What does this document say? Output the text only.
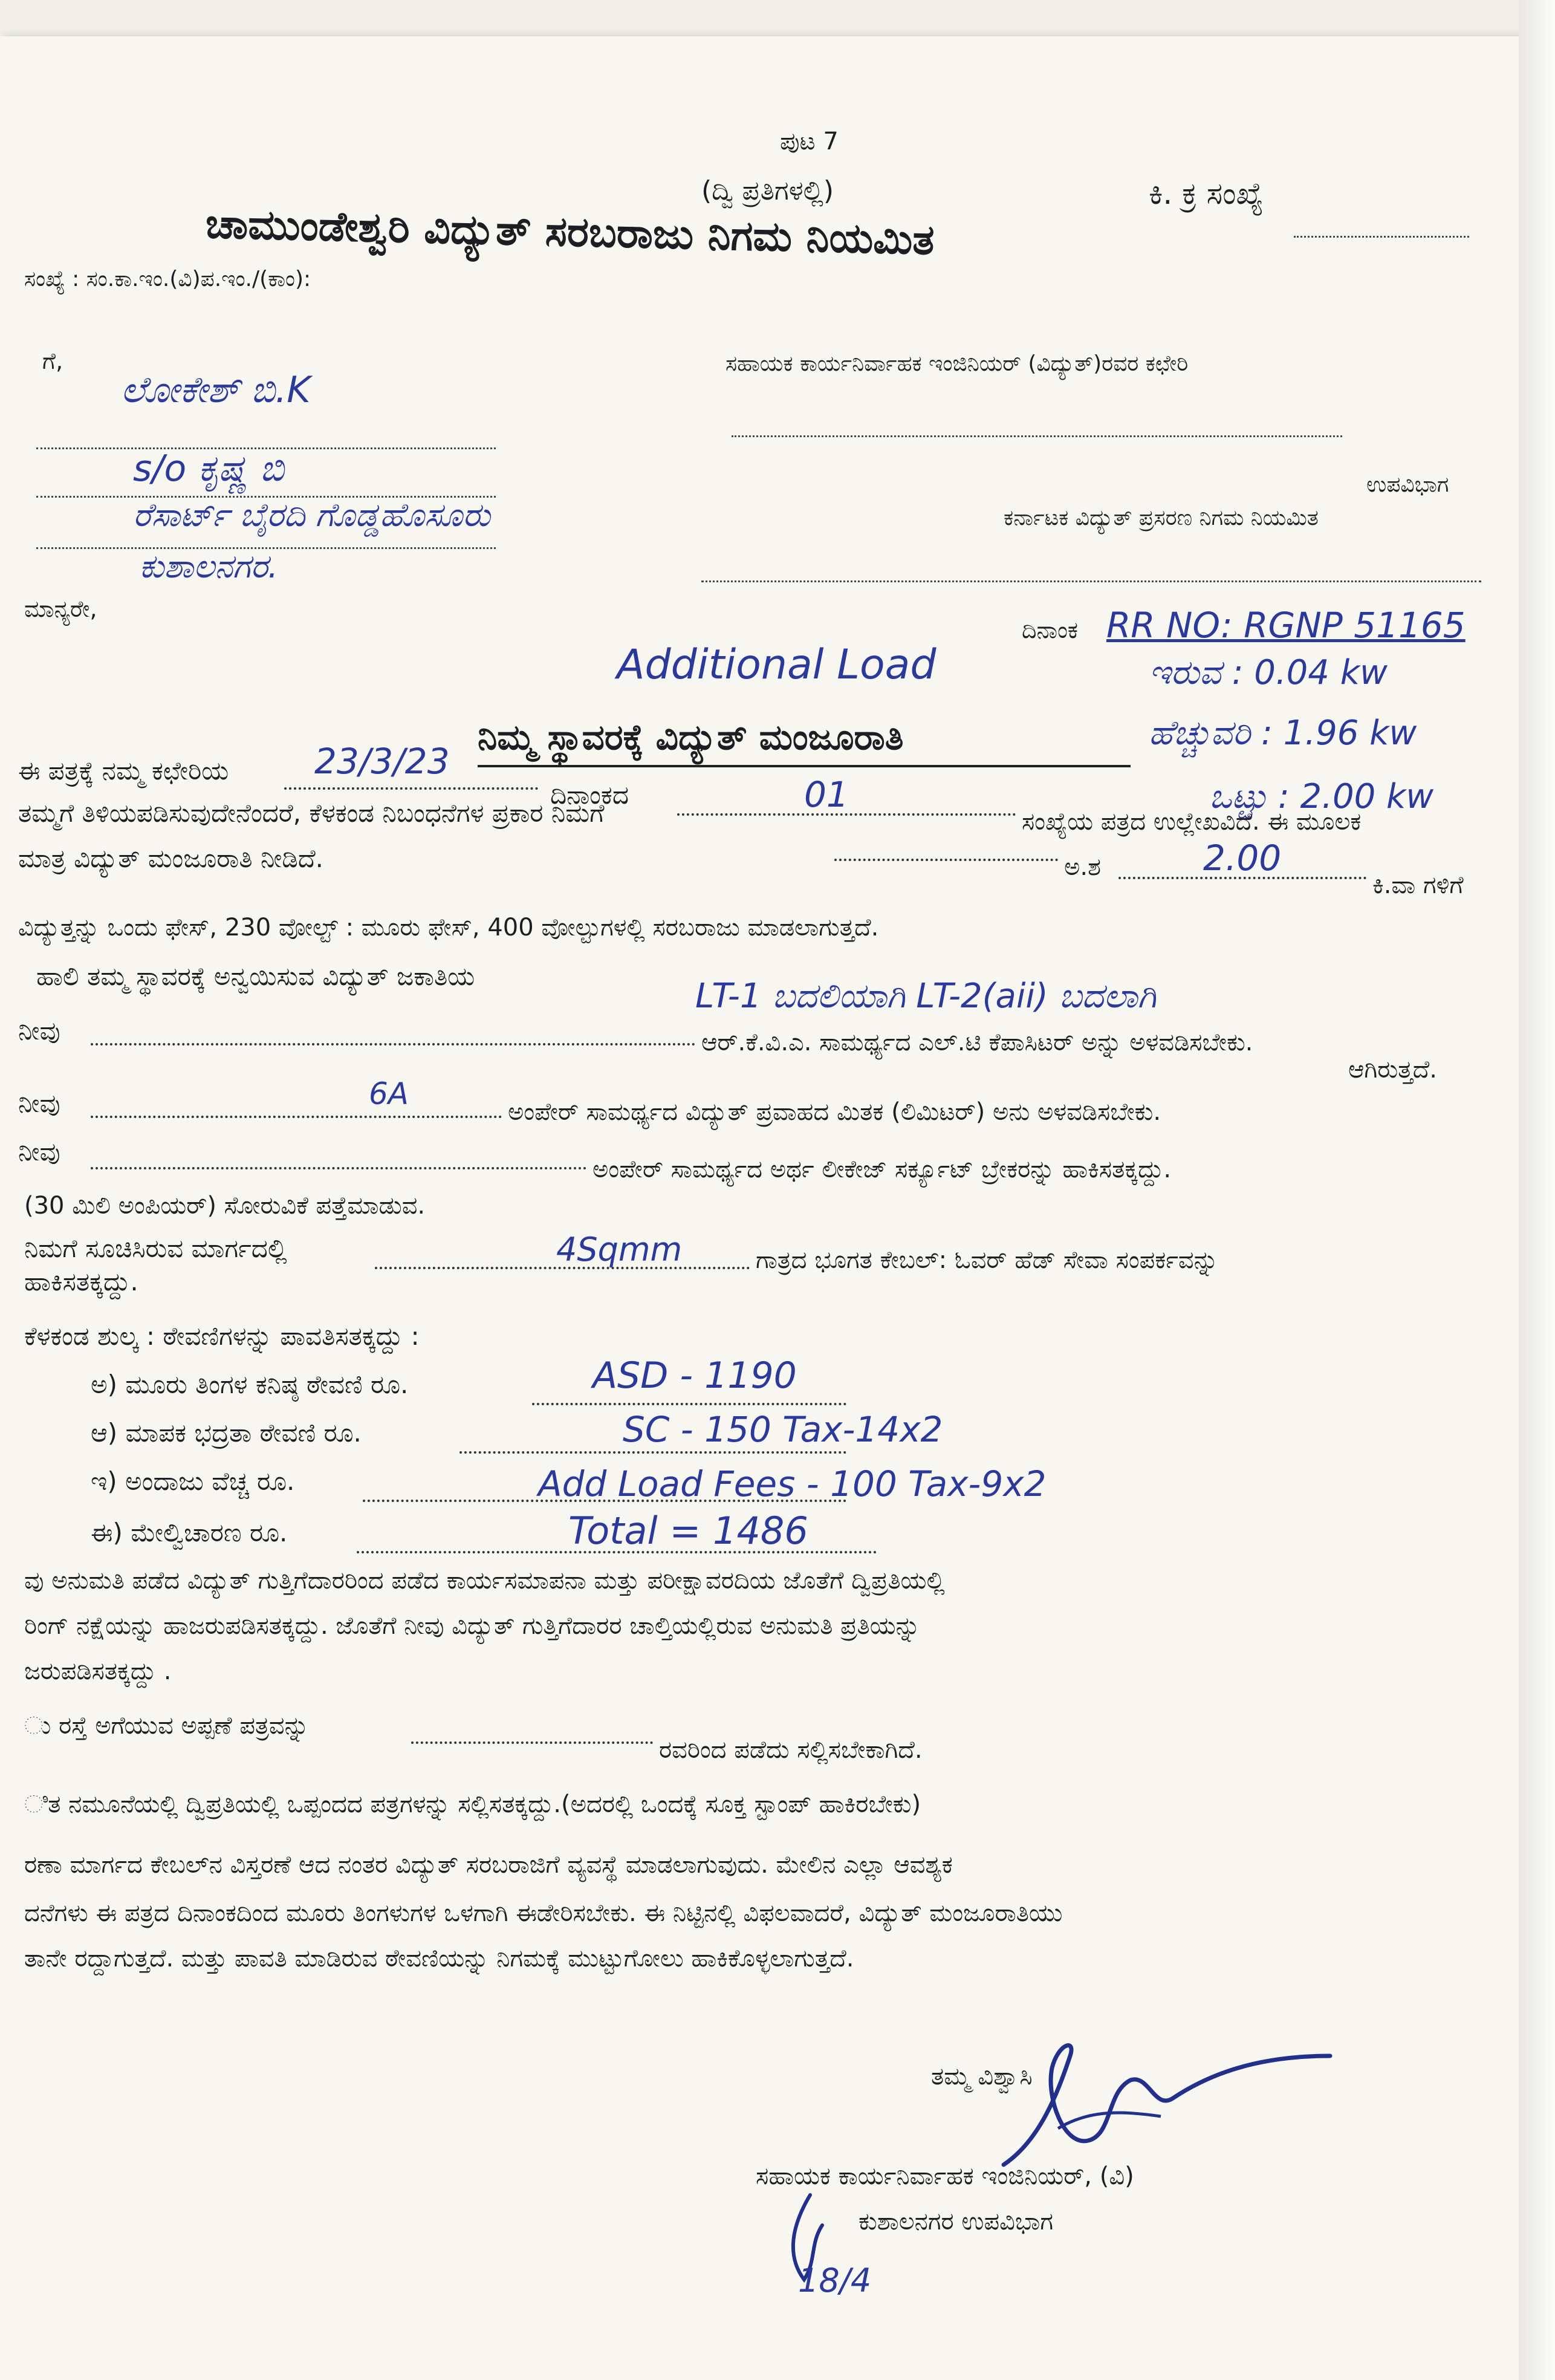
ಪುಟ 7
(ದ್ವಿ ಪ್ರತಿಗಳಲ್ಲಿ)	ಕಿ. ಕ್ರ ಸಂಖ್ಯೆ
ಚಾಮುಂಡೇಶ್ವರಿ ವಿದ್ಯುತ್ ಸರಬರಾಜು ನಿಗಮ ನಿಯಮಿತ
ಸಂಖ್ಯೆ : ಸಂ.ಕಾ.ಇಂ.(ವಿ)ಪ.ಇಂ./(ಕಾಂ):
ಗೆ,	ಸಹಾಯಕ ಕಾರ್ಯನಿರ್ವಾಹಕ ಇಂಜಿನಿಯರ್ (ವಿದ್ಯುತ್)ರವರ ಕಛೇರಿ
ಉಪವಿಭಾಗ
ಕರ್ನಾಟಕ ವಿದ್ಯುತ್ ಪ್ರಸರಣ ನಿಗಮ ನಿಯಮಿತ
ಲೋಕೇಶ್ ಬಿ.K
s/o ಕೃಷ್ಣ ಬಿ
ರೆಸಾರ್ಟ್ ಬೈರದಿ ಗೊಡ್ಡಹೊಸೂರು
ಕುಶಾಲನಗರ.
ಮಾನ್ಯರೇ,
ದಿನಾಂಕ RR NO: RGNP 51165
ಇರುವ : 0.04 kw
ಹೆಚ್ಚುವರಿ : 1.96 kw
ಒಟ್ಟು : 2.00 kw
Additional Load
ನಿಮ್ಮ ಸ್ಥಾವರಕ್ಕೆ ವಿದ್ಯುತ್ ಮಂಜೂರಾತಿ
ಈ ಪತ್ರಕ್ಕೆ ನಮ್ಮ ಕಛೇರಿಯ 23/3/23
ದಿನಾಂಕದ	01
ಸಂಖ್ಯೆಯ ಪತ್ರದ ಉಲ್ಲೇಖವಿದೆ. ಈ ಮೂಲಕ
ತಮ್ಮಗೆ ತಿಳಿಯಪಡಿಸುವುದೇನೆಂದರೆ, ಕೆಳಕಂಡ ನಿಬಂಧನೆಗಳ ಪ್ರಕಾರ ನಿಮಗೆ
ಅ.ಶ	2.00
ಕಿ.ವಾ ಗಳಿಗೆ
ಮಾತ್ರ ವಿದ್ಯುತ್ ಮಂಜೂರಾತಿ ನೀಡಿದೆ.
ವಿದ್ಯುತ್ತನ್ನು ಒಂದು ಫೇಸ್, 230 ವೋಲ್ಟ್ : ಮೂರು ಫೇಸ್, 400 ವೋಲ್ಟುಗಳಲ್ಲಿ ಸರಬರಾಜು ಮಾಡಲಾಗುತ್ತದೆ.
ಹಾಲಿ ತಮ್ಮ ಸ್ಥಾವರಕ್ಕೆ ಅನ್ವಯಿಸುವ ವಿದ್ಯುತ್ ಜಕಾತಿಯ
LT-1 ಬದಲಿಯಾಗಿ LT-2(aii) ಬದಲಾಗಿ
ನೀವು	ಆರ್.ಕೆ.ವಿ.ಎ. ಸಾಮರ್ಥ್ಯದ ಎಲ್.ಟಿ ಕೆಪಾಸಿಟರ್ ಅನ್ನು ಅಳವಡಿಸಬೇಕು.
ಆಗಿರುತ್ತದೆ.
ನೀವು	6A
ಅಂಪೇರ್ ಸಾಮರ್ಥ್ಯದ ವಿದ್ಯುತ್ ಪ್ರವಾಹದ ಮಿತಕ (ಲಿಮಿಟರ್) ಅನು ಅಳವಡಿಸಬೇಕು.
ನೀವು
ಅಂಪೇರ್ ಸಾಮರ್ಥ್ಯದ ಅರ್ಥ ಲೀಕೇಜ್ ಸರ್ಕ್ಯೂಟ್ ಬ್ರೇಕರನ್ನು ಹಾಕಿಸತಕ್ಕದ್ದು.
(30 ಮಿಲಿ ಅಂಪಿಯರ್) ಸೋರುವಿಕೆ ಪತ್ತೆಮಾಡುವ.
ನಿಮಗೆ ಸೂಚಿಸಿರುವ ಮಾರ್ಗದಲ್ಲಿ	4Sqmm	ಗಾತ್ರದ ಭೂಗತ ಕೇಬಲ್: ಓವರ್ ಹೆಡ್ ಸೇವಾ ಸಂಪರ್ಕವನ್ನು
ಹಾಕಿಸತಕ್ಕದ್ದು.
ಕೆಳಕಂಡ ಶುಲ್ಕ : ಠೇವಣಿಗಳನ್ನು ಪಾವತಿಸತಕ್ಕದ್ದು :
ಅ) ಮೂರು ತಿಂಗಳ ಕನಿಷ್ಠ ಠೇವಣಿ ರೂ.	ASD - 1190
ಆ) ಮಾಪಕ ಭದ್ರತಾ ಠೇವಣಿ ರೂ.	SC - 150 Tax-14x2
ಇ) ಅಂದಾಜು ವೆಚ್ಚ ರೂ.	Add Load Fees - 100 Tax-9x2
ಈ) ಮೇಲ್ವಿಚಾರಣ ರೂ.	Total = 1486
ವು ಅನುಮತಿ ಪಡೆದ ವಿದ್ಯುತ್ ಗುತ್ತಿಗೆದಾರರಿಂದ ಪಡೆದ ಕಾರ್ಯಸಮಾಪನಾ ಮತ್ತು ಪರೀಕ್ಷಾವರದಿಯ ಜೊತೆಗೆ ದ್ವಿಪ್ರತಿಯಲ್ಲಿ
ರಿಂಗ್ ನಕ್ಷೆಯನ್ನು ಹಾಜರುಪಡಿಸತಕ್ಕದ್ದು. ಜೊತೆಗೆ ನೀವು ವಿದ್ಯುತ್ ಗುತ್ತಿಗೆದಾರರ ಚಾಲ್ತಿಯಲ್ಲಿರುವ ಅನುಮತಿ ಪ್ರತಿಯನ್ನು
ಜರುಪಡಿಸತಕ್ಕದ್ದು .
ು ರಸ್ತೆ ಅಗೆಯುವ ಅಪ್ಪಣೆ ಪತ್ರವನ್ನು
ರವರಿಂದ ಪಡೆದು ಸಲ್ಲಿಸಬೇಕಾಗಿದೆ.
ಿತ ನಮೂನೆಯಲ್ಲಿ ದ್ವಿಪ್ರತಿಯಲ್ಲಿ ಒಪ್ಪಂದದ ಪತ್ರಗಳನ್ನು ಸಲ್ಲಿಸತಕ್ಕದ್ದು.(ಅದರಲ್ಲಿ ಒಂದಕ್ಕೆ ಸೂಕ್ತ ಸ್ಟಾಂಪ್ ಹಾಕಿರಬೇಕು)
ರಣಾ ಮಾರ್ಗದ ಕೇಬಲ್‌ನ ವಿಸ್ತರಣೆ ಆದ ನಂತರ ವಿದ್ಯುತ್ ಸರಬರಾಜಿಗೆ ವ್ಯವಸ್ಥೆ ಮಾಡಲಾಗುವುದು. ಮೇಲಿನ ಎಲ್ಲಾ ಆವಶ್ಯಕ
ದನೆಗಳು ಈ ಪತ್ರದ ದಿನಾಂಕದಿಂದ ಮೂರು ತಿಂಗಳುಗಳ ಒಳಗಾಗಿ ಈಡೇರಿಸಬೇಕು. ಈ ನಿಟ್ಟಿನಲ್ಲಿ ವಿಫಲವಾದರೆ, ವಿದ್ಯುತ್ ಮಂಜೂರಾತಿಯು
ತಾನೇ ರದ್ದಾಗುತ್ತದೆ. ಮತ್ತು ಪಾವತಿ ಮಾಡಿರುವ ಠೇವಣಿಯನ್ನು ನಿಗಮಕ್ಕೆ ಮುಟ್ಟುಗೋಲು ಹಾಕಿಕೊಳ್ಳಲಾಗುತ್ತದೆ.
ತಮ್ಮ ವಿಶ್ವಾಸಿ
ಸಹಾಯಕ ಕಾರ್ಯನಿರ್ವಾಹಕ ಇಂಜಿನಿಯರ್, (ವಿ)
ಕುಶಾಲನಗರ ಉಪವಿಭಾಗ
18/4
